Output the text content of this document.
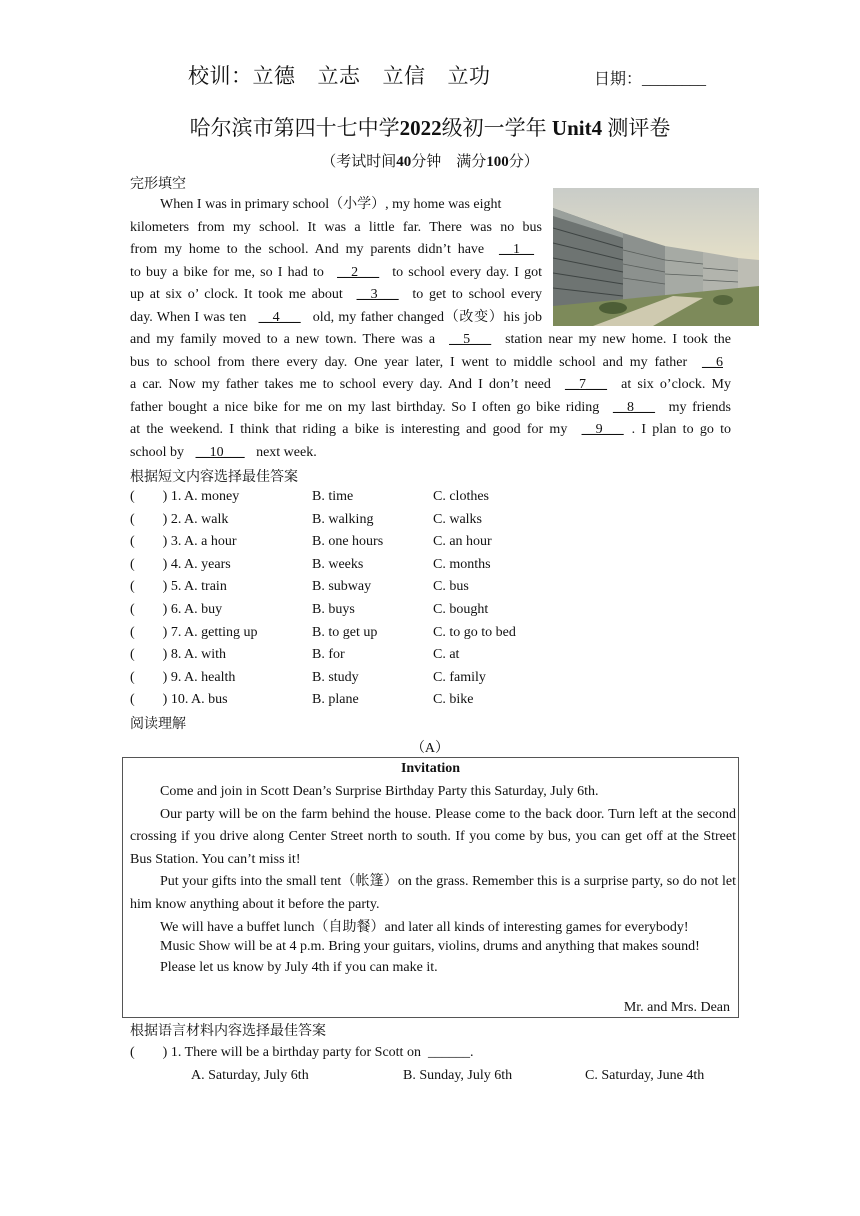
校训：立德 立志 立信 立功	日期：________
哈尔滨市第四十七中学2022级初一学年 Unit4 测评卷
（考试时间40分钟    满分100分）
完形填空
When I was in primary school（小学）, my home was eight
kilometers from my school. It was a little far. There was no bus
from my home to the school. And my parents didn’t have __1__
to buy a bike for me, so I had to __2___ to school every day. I got
up at six o’ clock. It took me about __3___ to get to school every
day. When I was ten __4___ old, my father changed（改变）his job
and my family moved to a new town. There was a __5___ station near my new home. I took the
bus to school from there every day. One year later, I went to middle school and my father __6
a car. Now my father takes me to school every day. And I don’t need __7___ at six o’clock. My
father bought a nice bike for me on my last birthday. So I often go bike riding __8___ my friends
at the weekend. I think that riding a bike is interesting and good for my __9___ . I plan to go to
school by __10___ next week.
根据短文内容选择最佳答案
(        ) 1. A. money	B. time	C. clothes
(        ) 2. A. walk	B. walking	C. walks
(        ) 3. A. a hour	B. one hours	C. an hour
(        ) 4. A. years	B. weeks	C. months
(        ) 5. A. train	B. subway	C. bus
(        ) 6. A. buy	B. buys	C. bought
(        ) 7. A. getting up	B. to get up	C. to go to bed
(        ) 8. A. with	B. for	C. at
(        ) 9. A. health	B. study	C. family
(        ) 10. A. bus	B. plane	C. bike
阅读理解
（A）
Invitation
Come and join in Scott Dean’s Surprise Birthday Party this Saturday, July 6th.
Our party will be on the farm behind the house. Please come to the back door. Turn left at the second crossing if you drive along Center Street north to south. If you come by bus, you can get off at the Street Bus Station. You can’t miss it!
Put your gifts into the small tent（帐篷）on the grass. Remember this is a surprise party, so do not let him know anything about it before the party.
We will have a buffet lunch（自助餐）and later all kinds of interesting games for everybody!
Music Show will be at 4 p.m. Bring your guitars, violins, drums and anything that makes sound!
Please let us know by July 4th if you can make it.
Mr. and Mrs. Dean
根据语言材料内容选择最佳答案
(        ) 1. There will be a birthday party for Scott on  ______.
A. Saturday, July 6th	B. Sunday, July 6th	C. Saturday, June 4th
